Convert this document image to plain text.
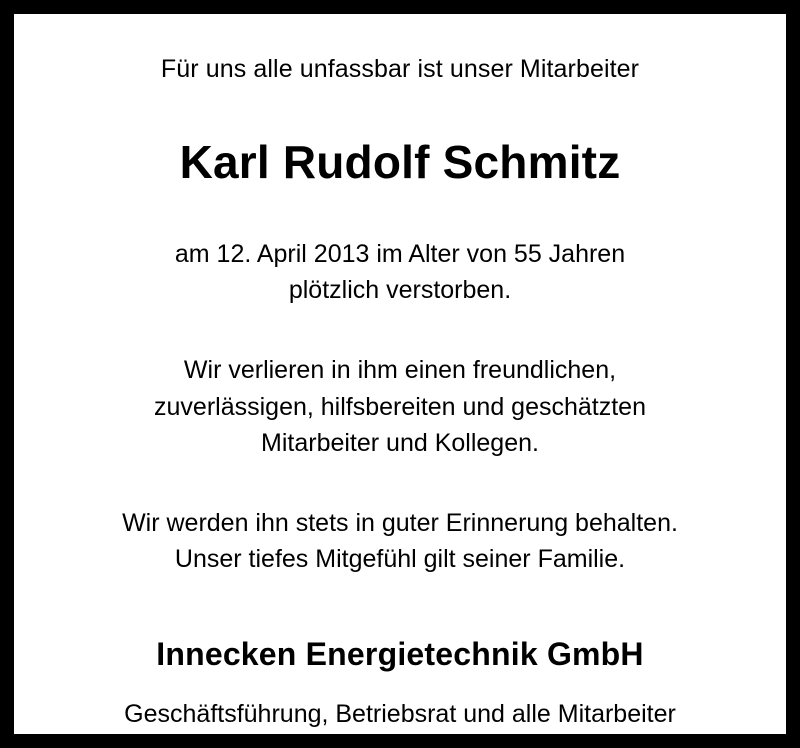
Für uns alle unfassbar ist unser Mitarbeiter

Karl Rudolf Schmitz

am 12. April 2013 im Alter von 55 Jahren
plötzlich verstorben.

Wir verlieren in ihm einen freundlichen,
zuverlässigen, hilfsbereiten und geschätzten
Mitarbeiter und Kollegen.

Wir werden ihn stets in guter Erinnerung behalten.
Unser tiefes Mitgefühl gilt seiner Familie.

Innecken Energietechnik GmbH

Geschäftsführung, Betriebsrat und alle Mitarbeiter
